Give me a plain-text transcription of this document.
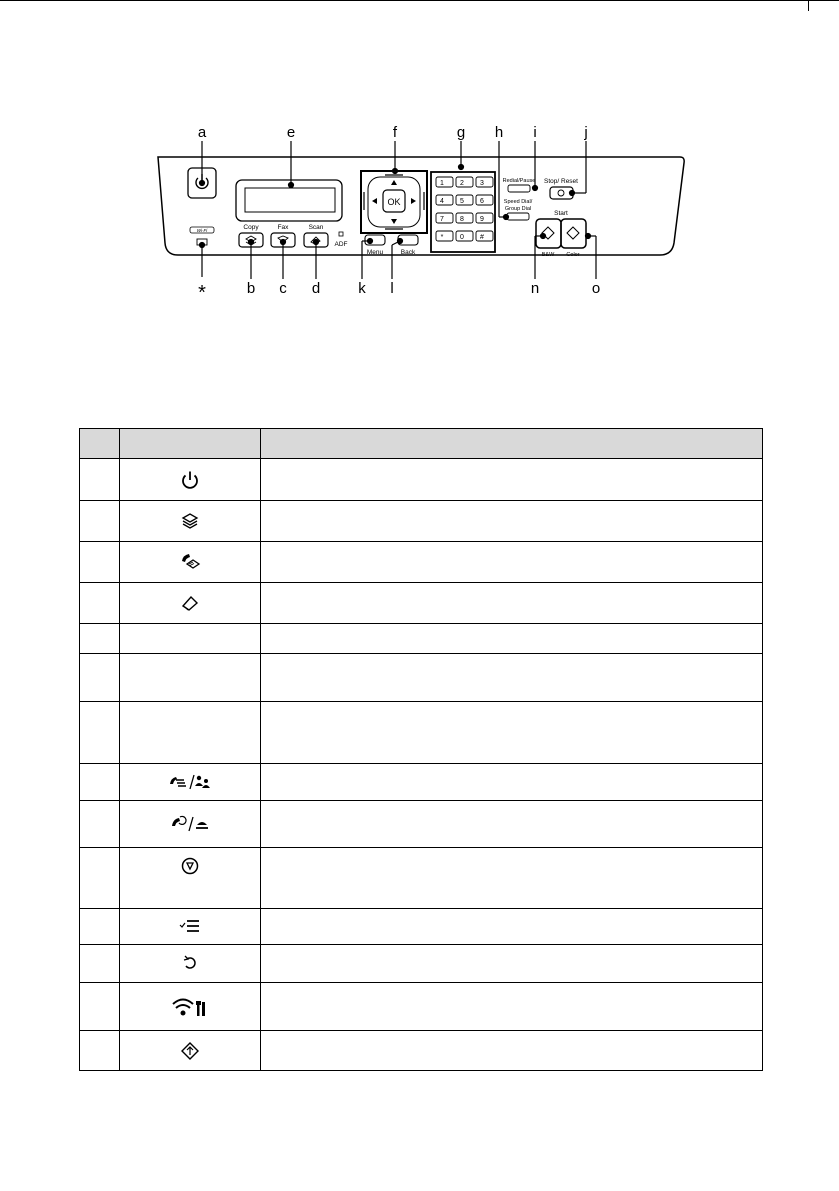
a	e	f	g h i	j
*	b c d	k l	n	o
Wi-Fi	Copy	Fax	Scan
ADF
OK
Menu	Back
1 2 3
4 5 6
7 8 9
* 0 #
Redial/Pause
Speed Dial/
Group Dial
Stop/ Reset
Start
B&W Color
